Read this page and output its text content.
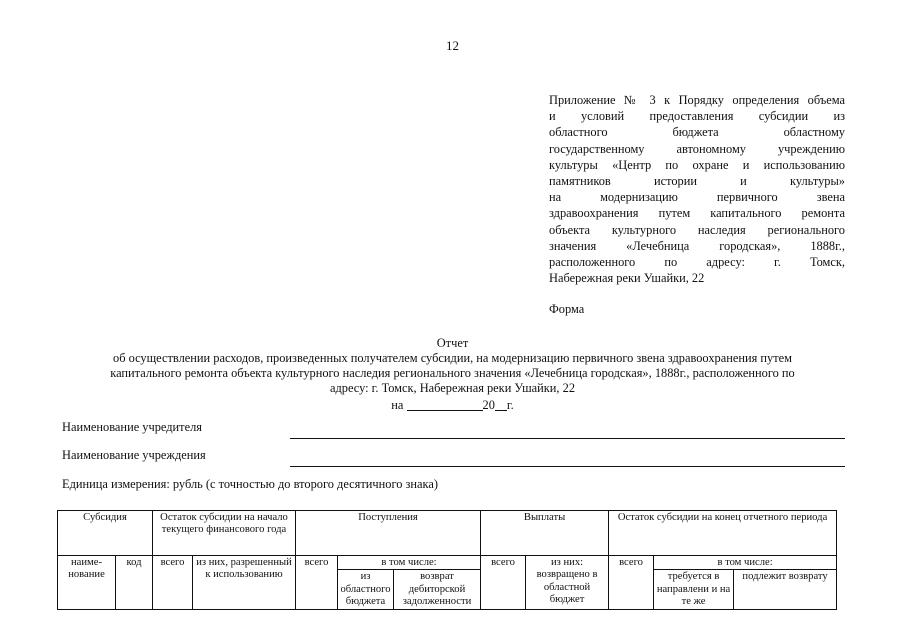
12
Приложение № 3 к Порядку определения объема
и условий предоставления субсидии из
областного бюджета областному
государственному автономному учреждению
культуры «Центр по охране и использованию
памятников истории и культуры»
на модернизацию первичного звена
здравоохранения путем капитального ремонта
объекта культурного наследия регионального
значения «Лечебница городская», 1888г.,
расположенного по адресу: г. Томск,
Набережная реки Ушайки, 22
Форма
Отчет
об осуществлении расходов, произведенных получателем субсидии, на модернизацию первичного звена здравоохранения путем
капитального ремонта объекта культурного наследия регионального значения «Лечебница городская», 1888г., расположенного по
адресу: г. Томск, Набережная реки Ушайки, 22
на	20 г.
Наименование учредителя
Наименование учреждения
Единица измерения: рубль (с точностью до второго десятичного знака)
Субсидия		Остаток субсидии на начало текущего финансового года		Поступления			Выплаты		Остаток субсидии на конец отчетного периода		
наиме-нование	код	всего	из них, разрешенный к использованию	всего	в том числе:		всего	из них: возвращено в областной бюджет	всего	в том числе:	
					из областного бюджета	возврат дебиторской задолженности				требуется в направлени и на те же	подлежит возврату
